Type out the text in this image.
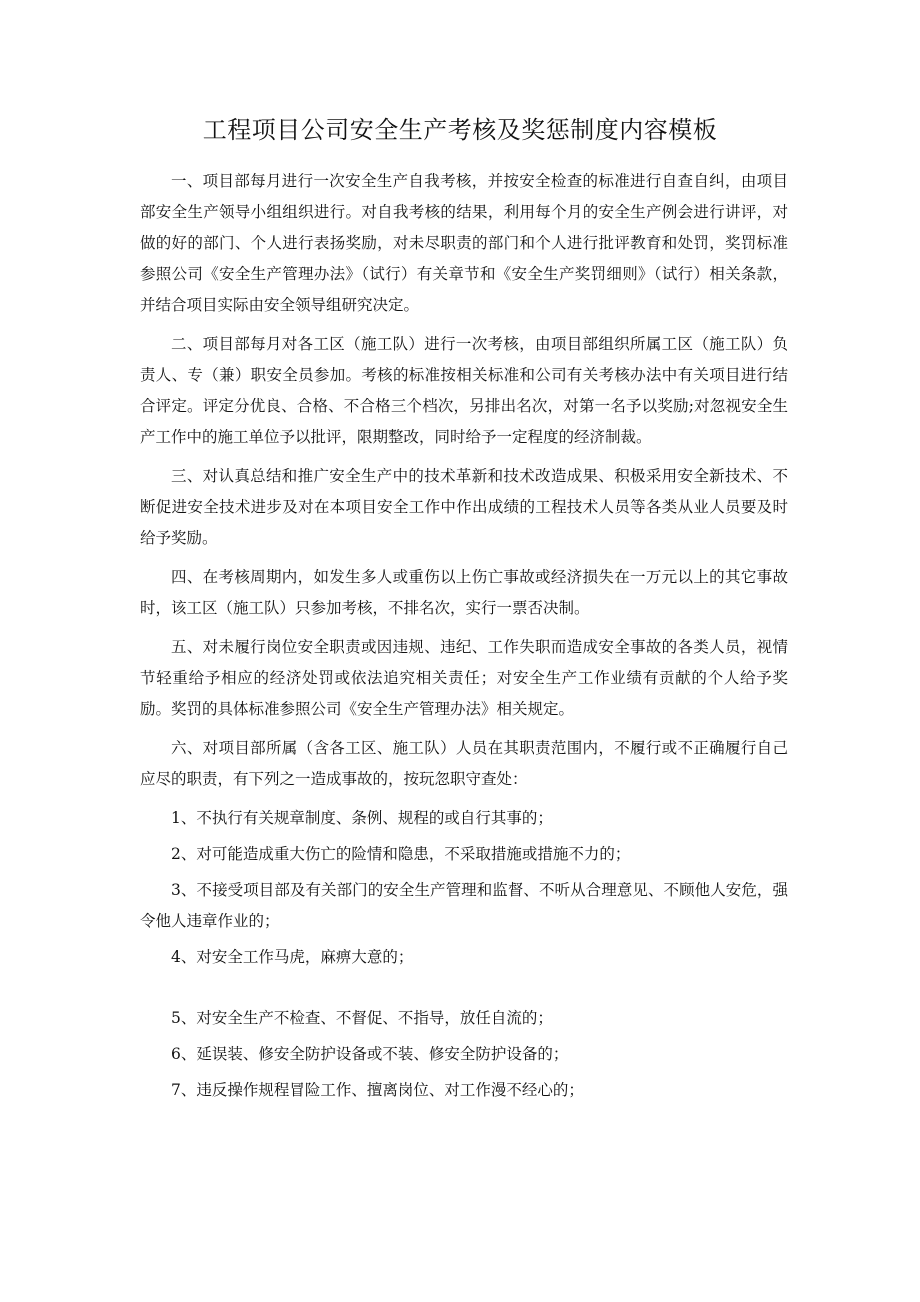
工程项目公司安全生产考核及奖惩制度内容模板

一、项目部每月进行一次安全生产自我考核，并按安全检查的标准进行自查自纠，由项目部安全生产领导小组组织进行。对自我考核的结果，利用每个月的安全生产例会进行讲评，对做的好的部门、个人进行表扬奖励，对未尽职责的部门和个人进行批评教育和处罚，奖罚标准参照公司《安全生产管理办法》（试行）有关章节和《安全生产奖罚细则》（试行）相关条款，并结合项目实际由安全领导组研究决定。

二、项目部每月对各工区（施工队）进行一次考核，由项目部组织所属工区（施工队）负责人、专（兼）职安全员参加。考核的标准按相关标准和公司有关考核办法中有关项目进行结合评定。评定分优良、合格、不合格三个档次，另排出名次，对第一名予以奖励;对忽视安全生产工作中的施工单位予以批评，限期整改，同时给予一定程度的经济制裁。

三、对认真总结和推广安全生产中的技术革新和技术改造成果、积极采用安全新技术、不断促进安全技术进步及对在本项目安全工作中作出成绩的工程技术人员等各类从业人员要及时给予奖励。

四、在考核周期内，如发生多人或重伤以上伤亡事故或经济损失在一万元以上的其它事故时，该工区（施工队）只参加考核，不排名次，实行一票否决制。

五、对未履行岗位安全职责或因违规、违纪、工作失职而造成安全事故的各类人员，视情节轻重给予相应的经济处罚或依法追究相关责任；对安全生产工作业绩有贡献的个人给予奖励。奖罚的具体标准参照公司《安全生产管理办法》相关规定。

六、对项目部所属（含各工区、施工队）人员在其职责范围内，不履行或不正确履行自己应尽的职责，有下列之一造成事故的，按玩忽职守查处：

1、不执行有关规章制度、条例、规程的或自行其事的；

2、对可能造成重大伤亡的险情和隐患，不采取措施或措施不力的；

3、不接受项目部及有关部门的安全生产管理和监督、不听从合理意见、不顾他人安危，强令他人违章作业的；

4、对安全工作马虎，麻痹大意的；

5、对安全生产不检查、不督促、不指导，放任自流的；

6、延误装、修安全防护设备或不装、修安全防护设备的；

7、违反操作规程冒险工作、擅离岗位、对工作漫不经心的；
